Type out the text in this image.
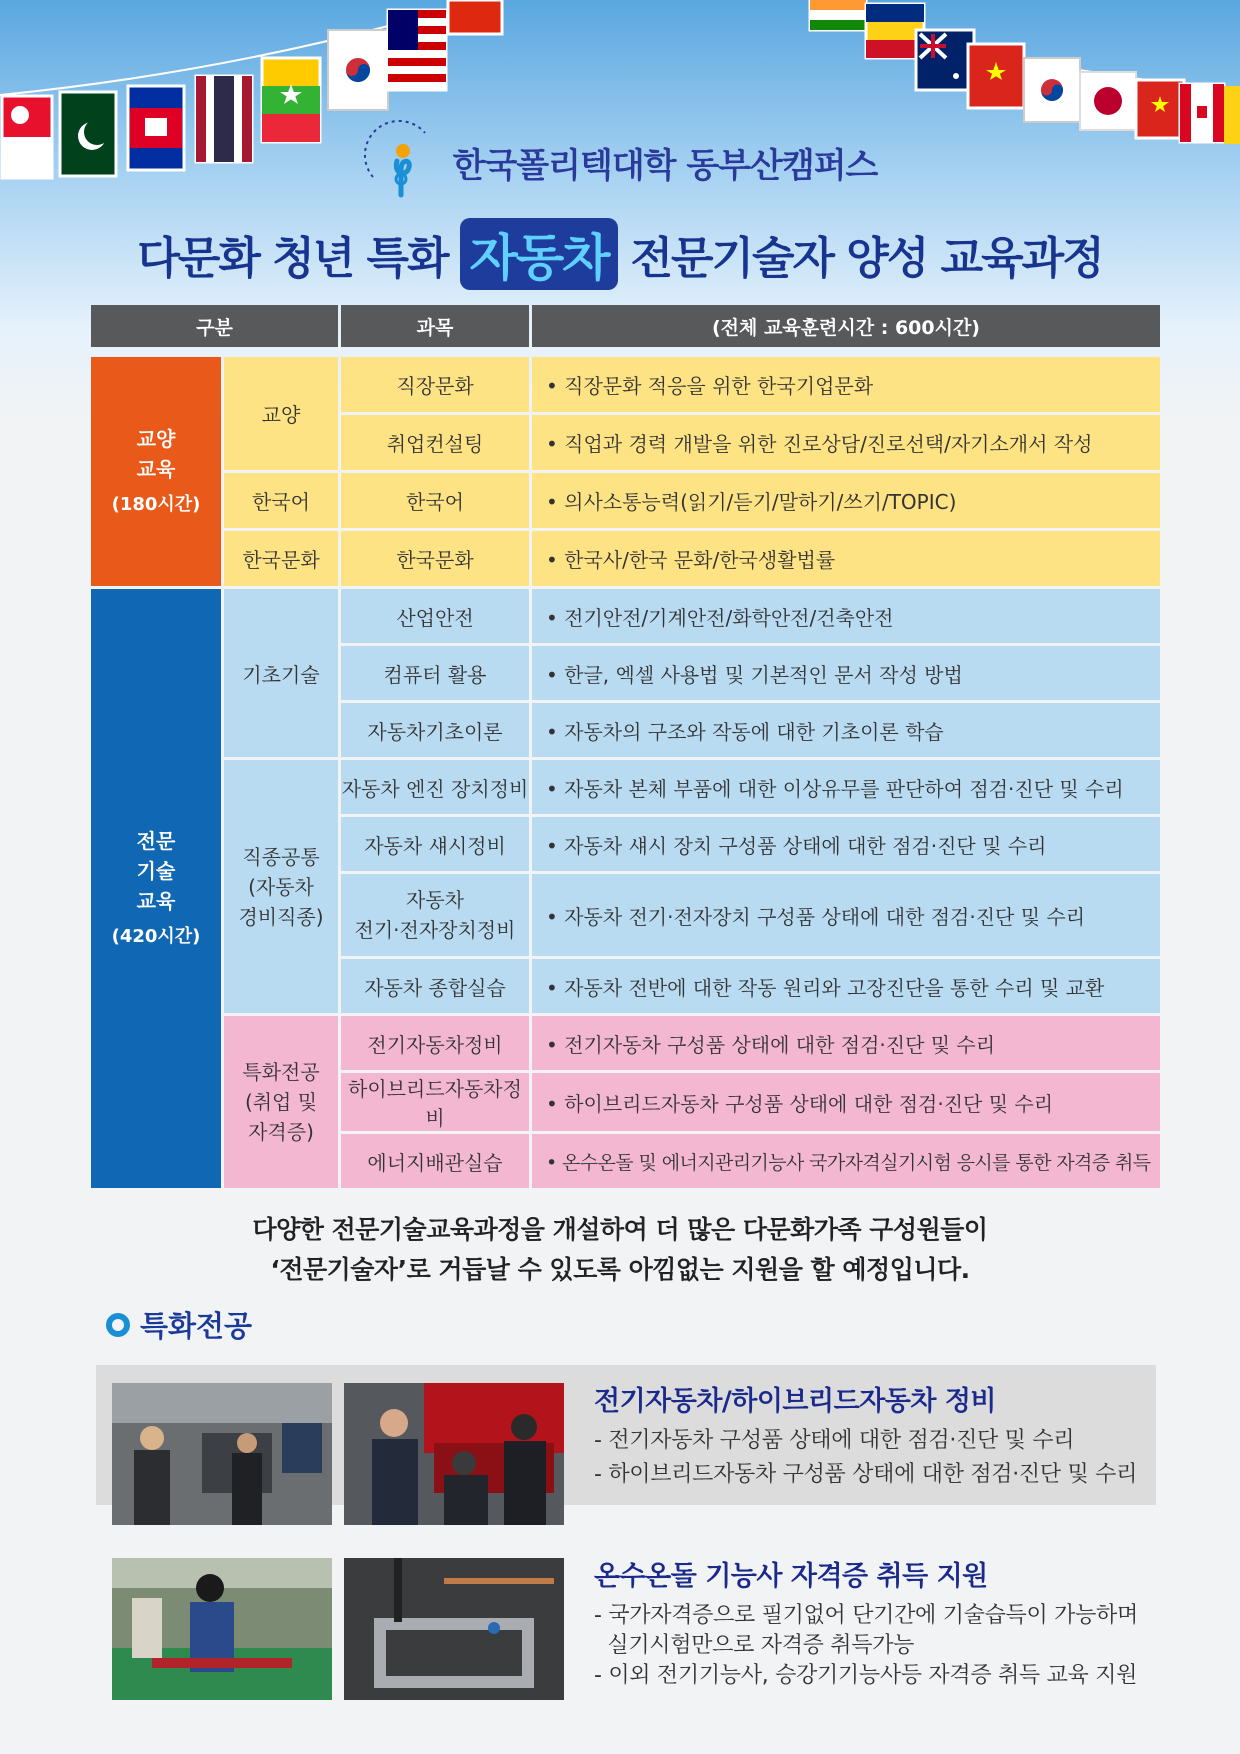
한국폴리텍대학 동부산캠퍼스
다문화 청년 특화 자동차 전문기술자 양성 교육과정
구분		과목	(전체 교육훈련시간 : 600시간)

교양
교육
(180시간)	교양	직장문화	• 직장문화 적응을 위한 한국기업문화
		취업컨설팅	• 직업과 경력 개발을 위한 진로상담/진로선택/자기소개서 작성
	한국어	한국어	• 의사소통능력(읽기/듣기/말하기/쓰기/TOPIC)
	한국문화	한국문화	• 한국사/한국 문화/한국생활법률
전문
기술
교육
(420시간)	기초기술	산업안전	• 전기안전/기계안전/화학안전/건축안전
		컴퓨터 활용	• 한글, 엑셀 사용법 및 기본적인 문서 작성 방법
		자동차기초이론	• 자동차의 구조와 작동에 대한 기초이론 학습
	직종공통
(자동차
경비직종)	자동차 엔진 장치정비	• 자동차 본체 부품에 대한 이상유무를 판단하여 점검·진단 및 수리
		자동차 섀시정비	• 자동차 섀시 장치 구성품 상태에 대한 점검·진단 및 수리
		자동차
전기·전자장치정비	• 자동차 전기·전자장치 구성품 상태에 대한 점검·진단 및 수리
		자동차 종합실습	• 자동차 전반에 대한 작동 원리와 고장진단을 통한 수리 및 교환
	특화전공
(취업 및
자격증)	전기자동차정비	• 전기자동차 구성품 상태에 대한 점검·진단 및 수리
		하이브리드자동차정비	• 하이브리드자동차 구성품 상태에 대한 점검·진단 및 수리
		에너지배관실습	• 온수온돌 및 에너지관리기능사 국가자격실기시험 응시를 통한 자격증 취득
다양한 전문기술교육과정을 개설하여 더 많은 다문화가족 구성원들이
‘전문기술자’로 거듭날 수 있도록 아낌없는 지원을 할 예정입니다.
특화전공
전기자동차/하이브리드자동차 정비
- 전기자동차 구성품 상태에 대한 점검·진단 및 수리
- 하이브리드자동차 구성품 상태에 대한 점검·진단 및 수리
온수온돌 기능사 자격증 취득 지원
- 국가자격증으로 필기없어 단기간에 기술습득이 가능하며
실기시험만으로 자격증 취득가능
- 이외 전기기능사, 승강기기능사등 자격증 취득 교육 지원
